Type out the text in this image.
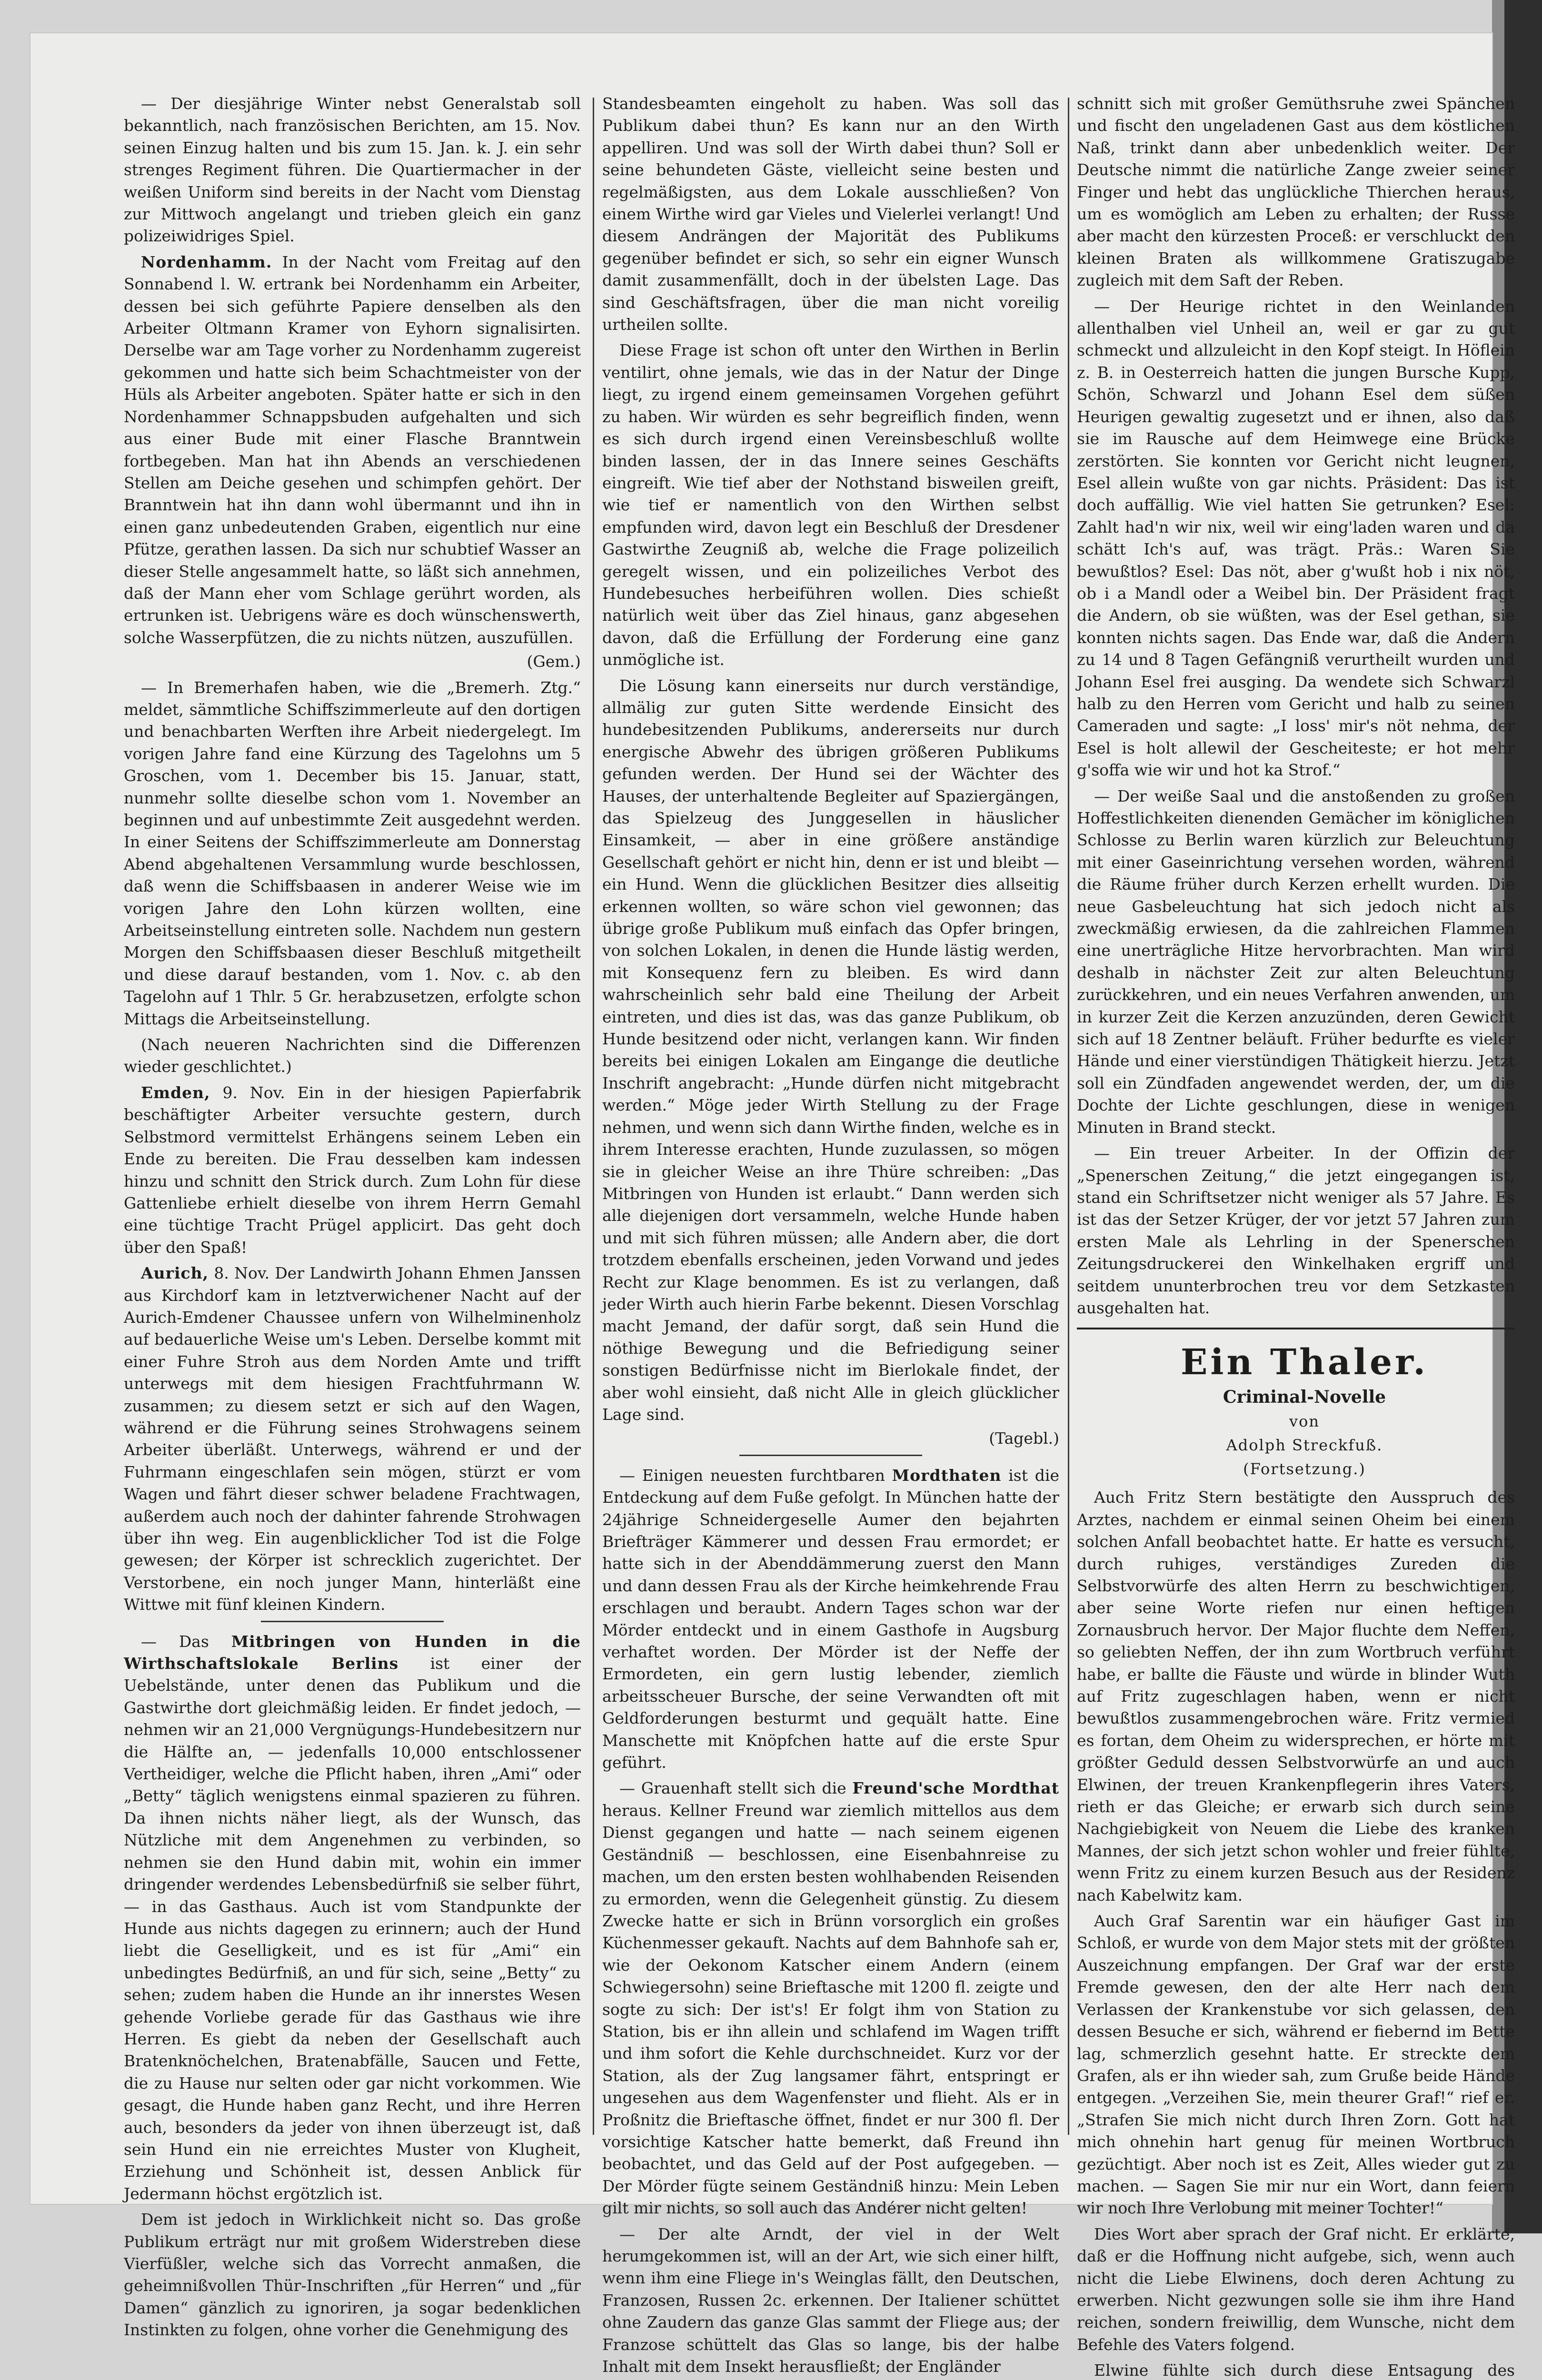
— Der diesjährige Winter nebst Generalstab soll bekanntlich, nach französischen Berichten, am 15. Nov. seinen Einzug halten und bis zum 15. Jan. k. J. ein sehr strenges Regiment führen. Die Quartiermacher in der weißen Uniform sind bereits in der Nacht vom Dienstag zur Mittwoch angelangt und trieben gleich ein ganz polizeiwidriges Spiel.

Nordenhamm. In der Nacht vom Freitag auf den Sonnabend l. W. ertrank bei Nordenhamm ein Arbeiter, dessen bei sich geführte Papiere denselben als den Arbeiter Oltmann Kramer von Eyhorn signalisirten. Derselbe war am Tage vorher zu Nordenhamm zugereist gekommen und hatte sich beim Schachtmeister von der Hüls als Arbeiter angeboten. Später hatte er sich in den Nordenhammer Schnappsbuden aufgehalten und sich aus einer Bude mit einer Flasche Branntwein fortbegeben. Man hat ihn Abends an verschiedenen Stellen am Deiche gesehen und schimpfen gehört. Der Branntwein hat ihn dann wohl übermannt und ihn in einen ganz unbedeutenden Graben, eigentlich nur eine Pfütze, gerathen lassen. Da sich nur schubtief Wasser an dieser Stelle angesammelt hatte, so läßt sich annehmen, daß der Mann eher vom Schlage gerührt worden, als ertrunken ist. Uebrigens wäre es doch wünschenswerth, solche Wasserpfützen, die zu nichts nützen, auszufüllen.

(Gem.)

— In Bremerhafen haben, wie die „Bremerh. Ztg.“ meldet, sämmtliche Schiffszimmerleute auf den dortigen und benachbarten Werften ihre Arbeit niedergelegt. Im vorigen Jahre fand eine Kürzung des Tagelohns um 5 Groschen, vom 1. December bis 15. Januar, statt, nunmehr sollte dieselbe schon vom 1. November an beginnen und auf unbestimmte Zeit ausgedehnt werden. In einer Seitens der Schiffszimmerleute am Donnerstag Abend abgehaltenen Versammlung wurde beschlossen, daß wenn die Schiffsbaasen in anderer Weise wie im vorigen Jahre den Lohn kürzen wollten, eine Arbeitseinstellung eintreten solle. Nachdem nun gestern Morgen den Schiffsbaasen dieser Beschluß mitgetheilt und diese darauf bestanden, vom 1. Nov. c. ab den Tagelohn auf 1 Thlr. 5 Gr. herabzusetzen, erfolgte schon Mittags die Arbeitseinstellung.

(Nach neueren Nachrichten sind die Differenzen wieder geschlichtet.)

Emden, 9. Nov. Ein in der hiesigen Papierfabrik beschäftigter Arbeiter versuchte gestern, durch Selbstmord vermittelst Erhängens seinem Leben ein Ende zu bereiten. Die Frau desselben kam indessen hinzu und schnitt den Strick durch. Zum Lohn für diese Gattenliebe erhielt dieselbe von ihrem Herrn Gemahl eine tüchtige Tracht Prügel applicirt. Das geht doch über den Spaß!

Aurich, 8. Nov. Der Landwirth Johann Ehmen Janssen aus Kirchdorf kam in letztverwichener Nacht auf der Aurich-Emdener Chaussee unfern von Wilhelminenholz auf bedauerliche Weise um's Leben. Derselbe kommt mit einer Fuhre Stroh aus dem Norden Amte und trifft unterwegs mit dem hiesigen Frachtfuhrmann W. zusammen; zu diesem setzt er sich auf den Wagen, während er die Führung seines Strohwagens seinem Arbeiter überläßt. Unterwegs, während er und der Fuhrmann eingeschlafen sein mögen, stürzt er vom Wagen und fährt dieser schwer beladene Frachtwagen, außerdem auch noch der dahinter fahrende Strohwagen über ihn weg. Ein augenblicklicher Tod ist die Folge gewesen; der Körper ist schrecklich zugerichtet. Der Verstorbene, ein noch junger Mann, hinterläßt eine Wittwe mit fünf kleinen Kindern.

— Das Mitbringen von Hunden in die Wirthschaftslokale Berlins ist einer der Uebelstände, unter denen das Publikum und die Gastwirthe dort gleichmäßig leiden. Er findet jedoch, — nehmen wir an 21,000 Vergnügungs-Hundebesitzern nur die Hälfte an, — jedenfalls 10,000 entschlossener Vertheidiger, welche die Pflicht haben, ihren „Ami“ oder „Betty“ täglich wenigstens einmal spazieren zu führen. Da ihnen nichts näher liegt, als der Wunsch, das Nützliche mit dem Angenehmen zu verbinden, so nehmen sie den Hund dabin mit, wohin ein immer dringender werdendes Lebensbedürfniß sie selber führt, — in das Gasthaus. Auch ist vom Standpunkte der Hunde aus nichts dagegen zu erinnern; auch der Hund liebt die Geselligkeit, und es ist für „Ami“ ein unbedingtes Bedürfniß, an und für sich, seine „Betty“ zu sehen; zudem haben die Hunde an ihr innerstes Wesen gehende Vorliebe gerade für das Gasthaus wie ihre Herren. Es giebt da neben der Gesellschaft auch Bratenknöchelchen, Bratenabfälle, Saucen und Fette, die zu Hause nur selten oder gar nicht vorkommen. Wie gesagt, die Hunde haben ganz Recht, und ihre Herren auch, besonders da jeder von ihnen überzeugt ist, daß sein Hund ein nie erreichtes Muster von Klugheit, Erziehung und Schönheit ist, dessen Anblick für Jedermann höchst ergötzlich ist.

Dem ist jedoch in Wirklichkeit nicht so. Das große Publikum erträgt nur mit großem Widerstreben diese Vierfüßler, welche sich das Vorrecht anmaßen, die geheimnißvollen Thür-Inschriften „für Herren“ und „für Damen“ gänzlich zu ignoriren, ja sogar bedenklichen Instinkten zu folgen, ohne vorher die Genehmigung des

Standesbeamten eingeholt zu haben. Was soll das Publikum dabei thun? Es kann nur an den Wirth appelliren. Und was soll der Wirth dabei thun? Soll er seine behundeten Gäste, vielleicht seine besten und regelmäßigsten, aus dem Lokale ausschließen? Von einem Wirthe wird gar Vieles und Vielerlei verlangt! Und diesem Andrängen der Majorität des Publikums gegenüber befindet er sich, so sehr ein eigner Wunsch damit zusammenfällt, doch in der übelsten Lage. Das sind Geschäftsfragen, über die man nicht voreilig urtheilen sollte.

Diese Frage ist schon oft unter den Wirthen in Berlin ventilirt, ohne jemals, wie das in der Natur der Dinge liegt, zu irgend einem gemeinsamen Vorgehen geführt zu haben. Wir würden es sehr begreiflich finden, wenn es sich durch irgend einen Vereinsbeschluß wollte binden lassen, der in das Innere seines Geschäfts eingreift. Wie tief aber der Nothstand bisweilen greift, wie tief er namentlich von den Wirthen selbst empfunden wird, davon legt ein Beschluß der Dresdener Gastwirthe Zeugniß ab, welche die Frage polizeilich geregelt wissen, und ein polizeiliches Verbot des Hundebesuches herbeiführen wollen. Dies schießt natürlich weit über das Ziel hinaus, ganz abgesehen davon, daß die Erfüllung der Forderung eine ganz unmögliche ist.

Die Lösung kann einerseits nur durch verständige, allmälig zur guten Sitte werdende Einsicht des hundebesitzenden Publikums, andererseits nur durch energische Abwehr des übrigen größeren Publikums gefunden werden. Der Hund sei der Wächter des Hauses, der unterhaltende Begleiter auf Spaziergängen, das Spielzeug des Junggesellen in häuslicher Einsamkeit, — aber in eine größere anständige Gesellschaft gehört er nicht hin, denn er ist und bleibt — ein Hund. Wenn die glücklichen Besitzer dies allseitig erkennen wollten, so wäre schon viel gewonnen; das übrige große Publikum muß einfach das Opfer bringen, von solchen Lokalen, in denen die Hunde lästig werden, mit Konsequenz fern zu bleiben. Es wird dann wahrscheinlich sehr bald eine Theilung der Arbeit eintreten, und dies ist das, was das ganze Publikum, ob Hunde besitzend oder nicht, verlangen kann. Wir finden bereits bei einigen Lokalen am Eingange die deutliche Inschrift angebracht: „Hunde dürfen nicht mitgebracht werden.“ Möge jeder Wirth Stellung zu der Frage nehmen, und wenn sich dann Wirthe finden, welche es in ihrem Interesse erachten, Hunde zuzulassen, so mögen sie in gleicher Weise an ihre Thüre schreiben: „Das Mitbringen von Hunden ist erlaubt.“ Dann werden sich alle diejenigen dort versammeln, welche Hunde haben und mit sich führen müssen; alle Andern aber, die dort trotzdem ebenfalls erscheinen, jeden Vorwand und jedes Recht zur Klage benommen. Es ist zu verlangen, daß jeder Wirth auch hierin Farbe bekennt. Diesen Vorschlag macht Jemand, der dafür sorgt, daß sein Hund die nöthige Bewegung und die Befriedigung seiner sonstigen Bedürfnisse nicht im Bierlokale findet, der aber wohl einsieht, daß nicht Alle in gleich glücklicher Lage sind.

(Tagebl.)

— Einigen neuesten furchtbaren Mordthaten ist die Entdeckung auf dem Fuße gefolgt. In München hatte der 24jährige Schneidergeselle Aumer den bejahrten Briefträger Kämmerer und dessen Frau ermordet; er hatte sich in der Abenddämmerung zuerst den Mann und dann dessen Frau als der Kirche heimkehrende Frau erschlagen und beraubt. Andern Tages schon war der Mörder entdeckt und in einem Gasthofe in Augsburg verhaftet worden. Der Mörder ist der Neffe der Ermordeten, ein gern lustig lebender, ziemlich arbeitsscheuer Bursche, der seine Verwandten oft mit Geldforderungen besturmt und gequält hatte. Eine Manschette mit Knöpfchen hatte auf die erste Spur geführt.

— Grauenhaft stellt sich die Freund'sche Mordthat heraus. Kellner Freund war ziemlich mittellos aus dem Dienst gegangen und hatte — nach seinem eigenen Geständniß — beschlossen, eine Eisenbahnreise zu machen, um den ersten besten wohlhabenden Reisenden zu ermorden, wenn die Gelegenheit günstig. Zu diesem Zwecke hatte er sich in Brünn vorsorglich ein großes Küchenmesser gekauft. Nachts auf dem Bahnhofe sah er, wie der Oekonom Katscher einem Andern (einem Schwiegersohn) seine Brieftasche mit 1200 fl. zeigte und sogte zu sich: Der ist's! Er folgt ihm von Station zu Station, bis er ihn allein und schlafend im Wagen trifft und ihm sofort die Kehle durchschneidet. Kurz vor der Station, als der Zug langsamer fährt, entspringt er ungesehen aus dem Wagenfenster und flieht. Als er in Proßnitz die Brieftasche öffnet, findet er nur 300 fl. Der vorsichtige Katscher hatte bemerkt, daß Freund ihn beobachtet, und das Geld auf der Post aufgegeben. — Der Mörder fügte seinem Geständniß hinzu: Mein Leben gilt mir nichts, so soll auch das Andérer nicht gelten!

— Der alte Arndt, der viel in der Welt herumgekommen ist, will an der Art, wie sich einer hilft, wenn ihm eine Fliege in's Weinglas fällt, den Deutschen, Franzosen, Russen 2c. erkennen. Der Italiener schüttet ohne Zaudern das ganze Glas sammt der Fliege aus; der Franzose schüttelt das Glas so lange, bis der halbe Inhalt mit dem Insekt herausfließt; der Engländer

schnitt sich mit großer Gemüthsruhe zwei Spänchen und fischt den ungeladenen Gast aus dem köstlichen Naß, trinkt dann aber unbedenklich weiter. Der Deutsche nimmt die natürliche Zange zweier seiner Finger und hebt das unglückliche Thierchen heraus, um es womöglich am Leben zu erhalten; der Russe aber macht den kürzesten Proceß: er verschluckt den kleinen Braten als willkommene Gratiszugabe zugleich mit dem Saft der Reben.

— Der Heurige richtet in den Weinlanden allenthalben viel Unheil an, weil er gar zu gut schmeckt und allzuleicht in den Kopf steigt. In Höflein z. B. in Oesterreich hatten die jungen Bursche Kupp, Schön, Schwarzl und Johann Esel dem süßen Heurigen gewaltig zugesetzt und er ihnen, also daß sie im Rausche auf dem Heimwege eine Brücke zerstörten. Sie konnten vor Gericht nicht leugnen, Esel allein wußte von gar nichts. Präsident: Das ist doch auffällig. Wie viel hatten Sie getrunken? Esel: Zahlt had'n wir nix, weil wir eing'laden waren und da schätt Ich's auf, was trägt. Präs.: Waren Sie bewußtlos? Esel: Das nöt, aber g'wußt hob i nix nöt, ob i a Mandl oder a Weibel bin. Der Präsident fragt die Andern, ob sie wüßten, was der Esel gethan, sie konnten nichts sagen. Das Ende war, daß die Andern zu 14 und 8 Tagen Gefängniß verurtheilt wurden und Johann Esel frei ausging. Da wendete sich Schwarzl halb zu den Herren vom Gericht und halb zu seinen Cameraden und sagte: „I loss' mir's nöt nehma, der Esel is holt allewil der Gescheiteste; er hot mehr g'soffa wie wir und hot ka Strof.“

— Der weiße Saal und die anstoßenden zu großen Hoffestlichkeiten dienenden Gemächer im königlichen Schlosse zu Berlin waren kürzlich zur Beleuchtung mit einer Gaseinrichtung versehen worden, während die Räume früher durch Kerzen erhellt wurden. Die neue Gasbeleuchtung hat sich jedoch nicht als zweckmäßig erwiesen, da die zahlreichen Flammen eine unerträgliche Hitze hervorbrachten. Man wird deshalb in nächster Zeit zur alten Beleuchtung zurückkehren, und ein neues Verfahren anwenden, um in kurzer Zeit die Kerzen anzuzünden, deren Gewicht sich auf 18 Zentner beläuft. Früher bedurfte es vieler Hände und einer vierstündigen Thätigkeit hierzu. Jetzt soll ein Zündfaden angewendet werden, der, um die Dochte der Lichte geschlungen, diese in wenigen Minuten in Brand steckt.

— Ein treuer Arbeiter. In der Offizin der „Spenerschen Zeitung,“ die jetzt eingegangen ist, stand ein Schriftsetzer nicht weniger als 57 Jahre. Es ist das der Setzer Krüger, der vor jetzt 57 Jahren zum ersten Male als Lehrling in der Spenerschen Zeitungsdruckerei den Winkelhaken ergriff und seitdem ununterbrochen treu vor dem Setzkasten ausgehalten hat.

Ein Thaler.

Criminal-Novelle

von

Adolph Streckfuß.

(Fortsetzung.)

Auch Fritz Stern bestätigte den Ausspruch des Arztes, nachdem er einmal seinen Oheim bei einem solchen Anfall beobachtet hatte. Er hatte es versucht, durch ruhiges, verständiges Zureden die Selbstvorwürfe des alten Herrn zu beschwichtigen, aber seine Worte riefen nur einen heftigen Zornausbruch hervor. Der Major fluchte dem Neffen, so geliebten Neffen, der ihn zum Wortbruch verführt habe, er ballte die Fäuste und würde in blinder Wuth auf Fritz zugeschlagen haben, wenn er nicht bewußtlos zusammengebrochen wäre. Fritz vermied es fortan, dem Oheim zu widersprechen, er hörte mit größter Geduld dessen Selbstvorwürfe an und auch Elwinen, der treuen Krankenpflegerin ihres Vaters, rieth er das Gleiche; er erwarb sich durch seine Nachgiebigkeit von Neuem die Liebe des kranken Mannes, der sich jetzt schon wohler und freier fühlte, wenn Fritz zu einem kurzen Besuch aus der Residenz nach Kabelwitz kam.

Auch Graf Sarentin war ein häufiger Gast im Schloß, er wurde von dem Major stets mit der größten Auszeichnung empfangen. Der Graf war der erste Fremde gewesen, den der alte Herr nach dem Verlassen der Krankenstube vor sich gelassen, den dessen Besuche er sich, während er fiebernd im Bette lag, schmerzlich gesehnt hatte. Er streckte dem Grafen, als er ihn wieder sah, zum Gruße beide Hände entgegen. „Verzeihen Sie, mein theurer Graf!“ rief er. „Strafen Sie mich nicht durch Ihren Zorn. Gott hat mich ohnehin hart genug für meinen Wortbruch gezüchtigt. Aber noch ist es Zeit, Alles wieder gut zu machen. — Sagen Sie mir nur ein Wort, dann feiern wir noch Ihre Verlobung mit meiner Tochter!“

Dies Wort aber sprach der Graf nicht. Er erklärte, daß er die Hoffnung nicht aufgebe, sich, wenn auch nicht die Liebe Elwinens, doch deren Achtung zu erwerben. Nicht gezwungen solle sie ihm ihre Hand reichen, sondern freiwillig, dem Wunsche, nicht dem Befehle des Vaters folgend.

Elwine fühlte sich durch diese Entsagung des
